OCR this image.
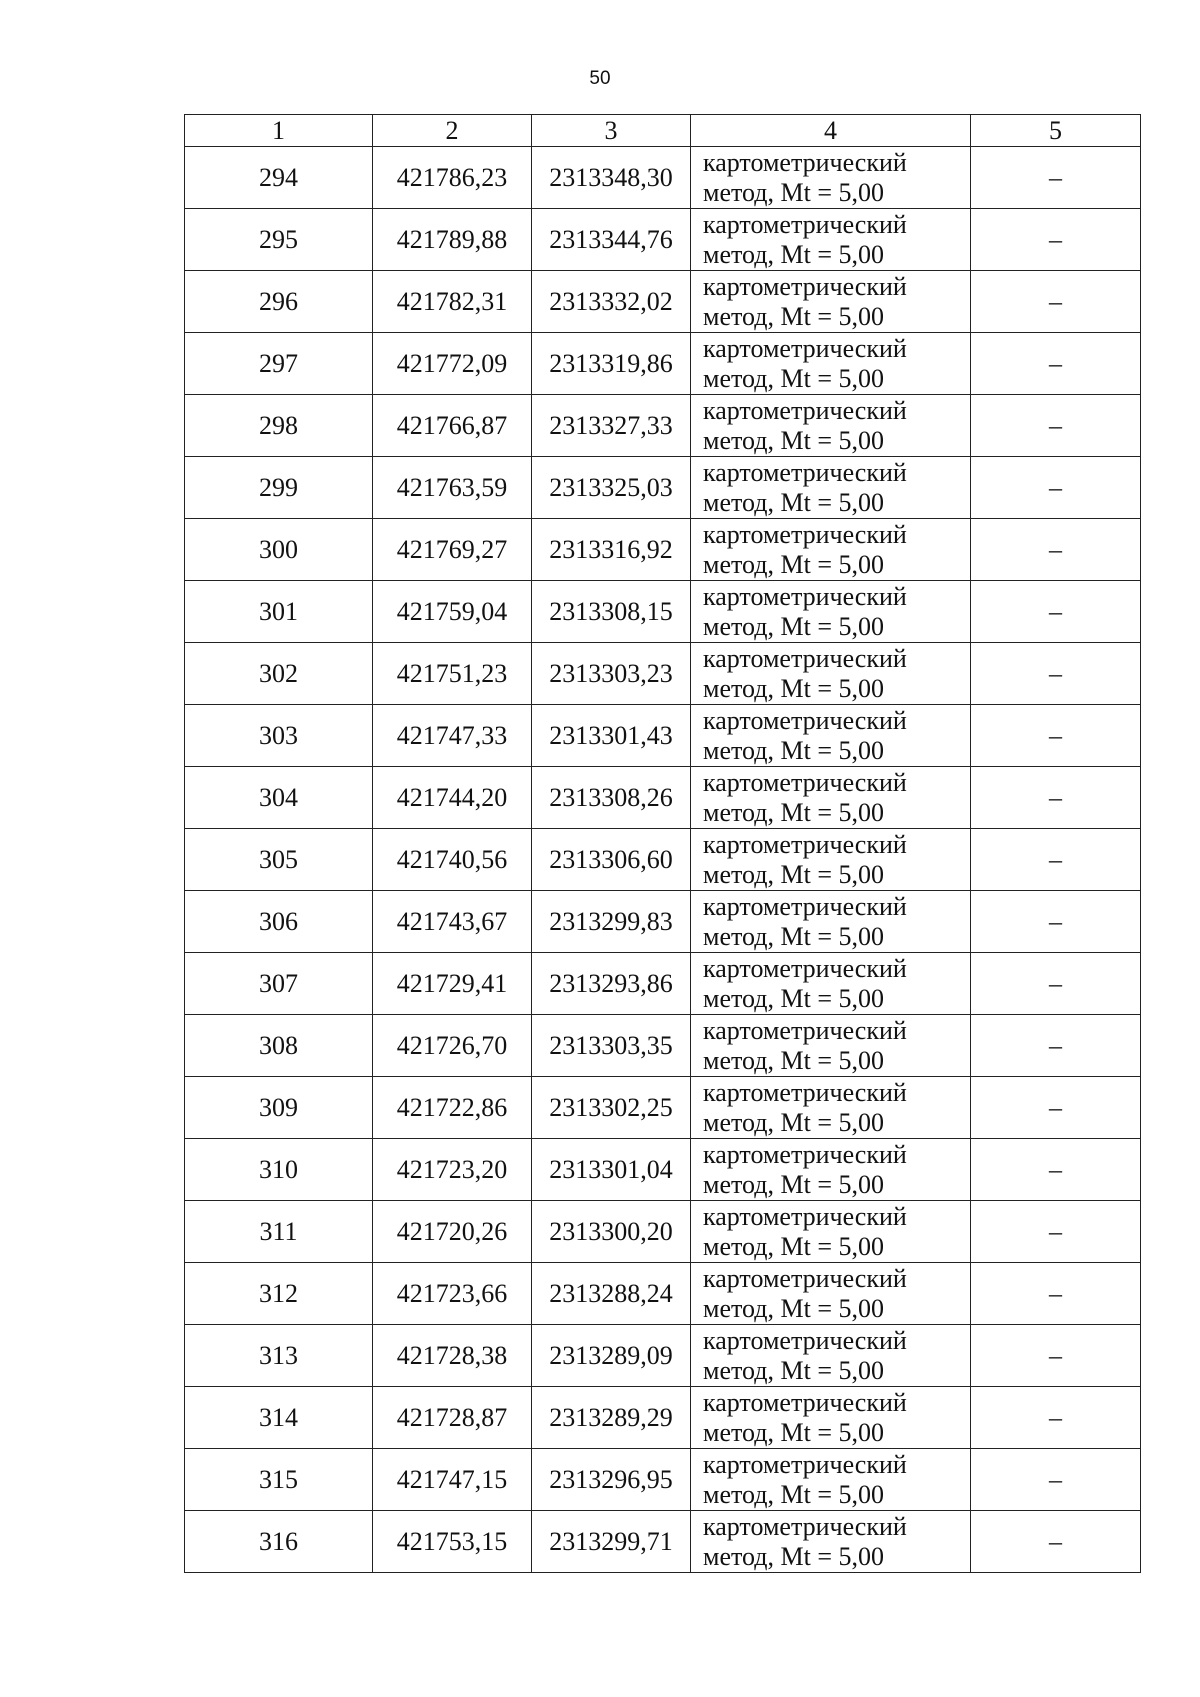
50
1	2	3	4	5
294	421786,23	2313348,30	картометрический
метод, Mt = 5,00	–
295	421789,88	2313344,76	картометрический
метод, Mt = 5,00	–
296	421782,31	2313332,02	картометрический
метод, Mt = 5,00	–
297	421772,09	2313319,86	картометрический
метод, Mt = 5,00	–
298	421766,87	2313327,33	картометрический
метод, Mt = 5,00	–
299	421763,59	2313325,03	картометрический
метод, Mt = 5,00	–
300	421769,27	2313316,92	картометрический
метод, Mt = 5,00	–
301	421759,04	2313308,15	картометрический
метод, Mt = 5,00	–
302	421751,23	2313303,23	картометрический
метод, Mt = 5,00	–
303	421747,33	2313301,43	картометрический
метод, Mt = 5,00	–
304	421744,20	2313308,26	картометрический
метод, Mt = 5,00	–
305	421740,56	2313306,60	картометрический
метод, Mt = 5,00	–
306	421743,67	2313299,83	картометрический
метод, Mt = 5,00	–
307	421729,41	2313293,86	картометрический
метод, Mt = 5,00	–
308	421726,70	2313303,35	картометрический
метод, Mt = 5,00	–
309	421722,86	2313302,25	картометрический
метод, Mt = 5,00	–
310	421723,20	2313301,04	картометрический
метод, Mt = 5,00	–
311	421720,26	2313300,20	картометрический
метод, Mt = 5,00	–
312	421723,66	2313288,24	картометрический
метод, Mt = 5,00	–
313	421728,38	2313289,09	картометрический
метод, Mt = 5,00	–
314	421728,87	2313289,29	картометрический
метод, Mt = 5,00	–
315	421747,15	2313296,95	картометрический
метод, Mt = 5,00	–
316	421753,15	2313299,71	картометрический
метод, Mt = 5,00	–
